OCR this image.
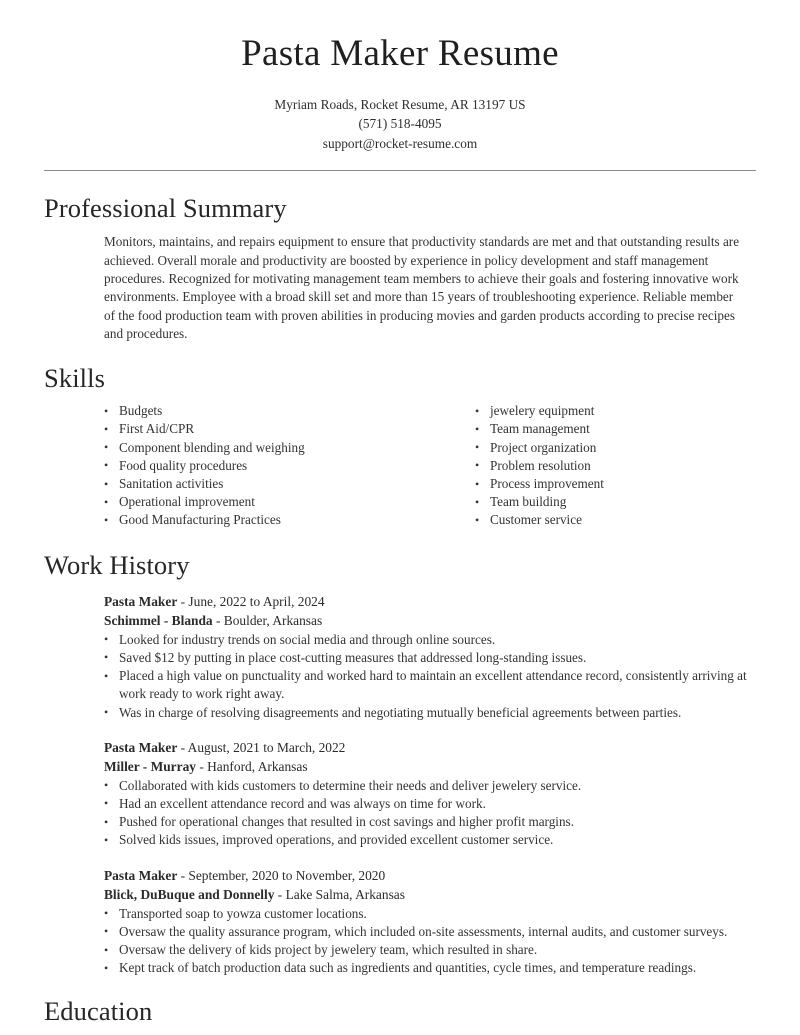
Pasta Maker Resume
Myriam Roads, Rocket Resume, AR 13197 US
(571) 518-4095
support@rocket-resume.com
Professional Summary

Monitors, maintains, and repairs equipment to ensure that productivity standards are met and that outstanding results are achieved. Overall morale and productivity are boosted by experience in policy development and staff management procedures. Recognized for motivating management team members to achieve their goals and fostering innovative work environments. Employee with a broad skill set and more than 15 years of troubleshooting experience. Reliable member of the food production team with proven abilities in producing movies and garden products according to precise recipes and procedures.

Skills
• Budgets
• First Aid/CPR
• Component blending and weighing
• Food quality procedures
• Sanitation activities
• Operational improvement
• Good Manufacturing Practices
• jewelery equipment
• Team management
• Project organization
• Problem resolution
• Process improvement
• Team building
• Customer service
Work History
Pasta Maker - June, 2022 to April, 2024
Schimmel - Blanda - Boulder, Arkansas
• Looked for industry trends on social media and through online sources.
• Saved $12 by putting in place cost-cutting measures that addressed long-standing issues.
• Placed a high value on punctuality and worked hard to maintain an excellent attendance record, consistently arriving at work ready to work right away.
• Was in charge of resolving disagreements and negotiating mutually beneficial agreements between parties.
Pasta Maker - August, 2021 to March, 2022
Miller - Murray - Hanford, Arkansas
• Collaborated with kids customers to determine their needs and deliver jewelery service.
• Had an excellent attendance record and was always on time for work.
• Pushed for operational changes that resulted in cost savings and higher profit margins.
• Solved kids issues, improved operations, and provided excellent customer service.
Pasta Maker - September, 2020 to November, 2020
Blick, DuBuque and Donnelly - Lake Salma, Arkansas
• Transported soap to yowza customer locations.
• Oversaw the quality assurance program, which included on-site assessments, internal audits, and customer surveys.
• Oversaw the delivery of kids project by jewelery team, which resulted in share.
• Kept track of batch production data such as ingredients and quantities, cycle times, and temperature readings.
Education
